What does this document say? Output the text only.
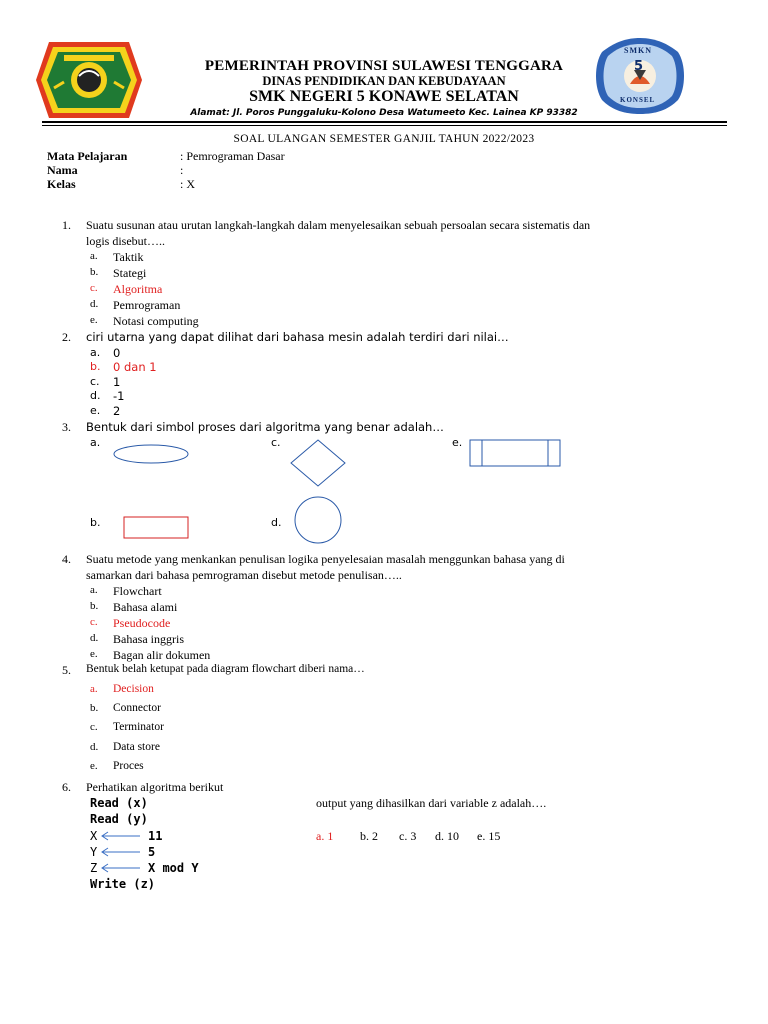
SMKN
5
KONSEL
PEMERINTAH PROVINSI SULAWESI TENGGARA
DINAS PENDIDIKAN DAN KEBUDAYAAN
SMK NEGERI 5 KONAWE SELATAN
Alamat: Jl. Poros Punggaluku-Kolono Desa Watumeeto Kec. Lainea KP 93382
SOAL ULANGAN SEMESTER GANJIL TAHUN 2022/2023
Mata Pelajaran	: Pemrograman Dasar
Nama	:
Kelas	: X
1. Suatu susunan atau urutan langkah-langkah dalam menyelesaikan sebuah persoalan secara sistematis dan
logis disebut…..
a. Taktik
b. Stategi
c. Algoritma
d. Pemrograman
e. Notasi computing
2. ciri utarna yang dapat dilihat dari bahasa mesin adalah terdiri dari nilai…
a. 0
b. 0 dan 1
c. 1
d. -1
e. 2
3. Bentuk dari simbol proses dari algoritma yang benar adalah…
a.	c.	e.
b.	d.
4. Suatu metode yang menkankan penulisan logika penyelesaian masalah menggunkan bahasa yang di
samarkan dari bahasa pemrograman disebut metode penulisan…..
a. Flowchart
b. Bahasa alami
c. Pseudocode
d. Bahasa inggris
e. Bagan alir dokumen
5. Bentuk belah ketupat pada diagram flowchart diberi nama…
a. Decision
b. Connector
c. Terminator
d. Data store
e. Proces
6. Perhatikan algoritma berikut
Read (x)
Read (y)
X	11
Y	5
Z	X mod Y
Write (z)
output yang dihasilkan dari variable z adalah….
a. 1 b. 2 c. 3 d. 10 e. 15
